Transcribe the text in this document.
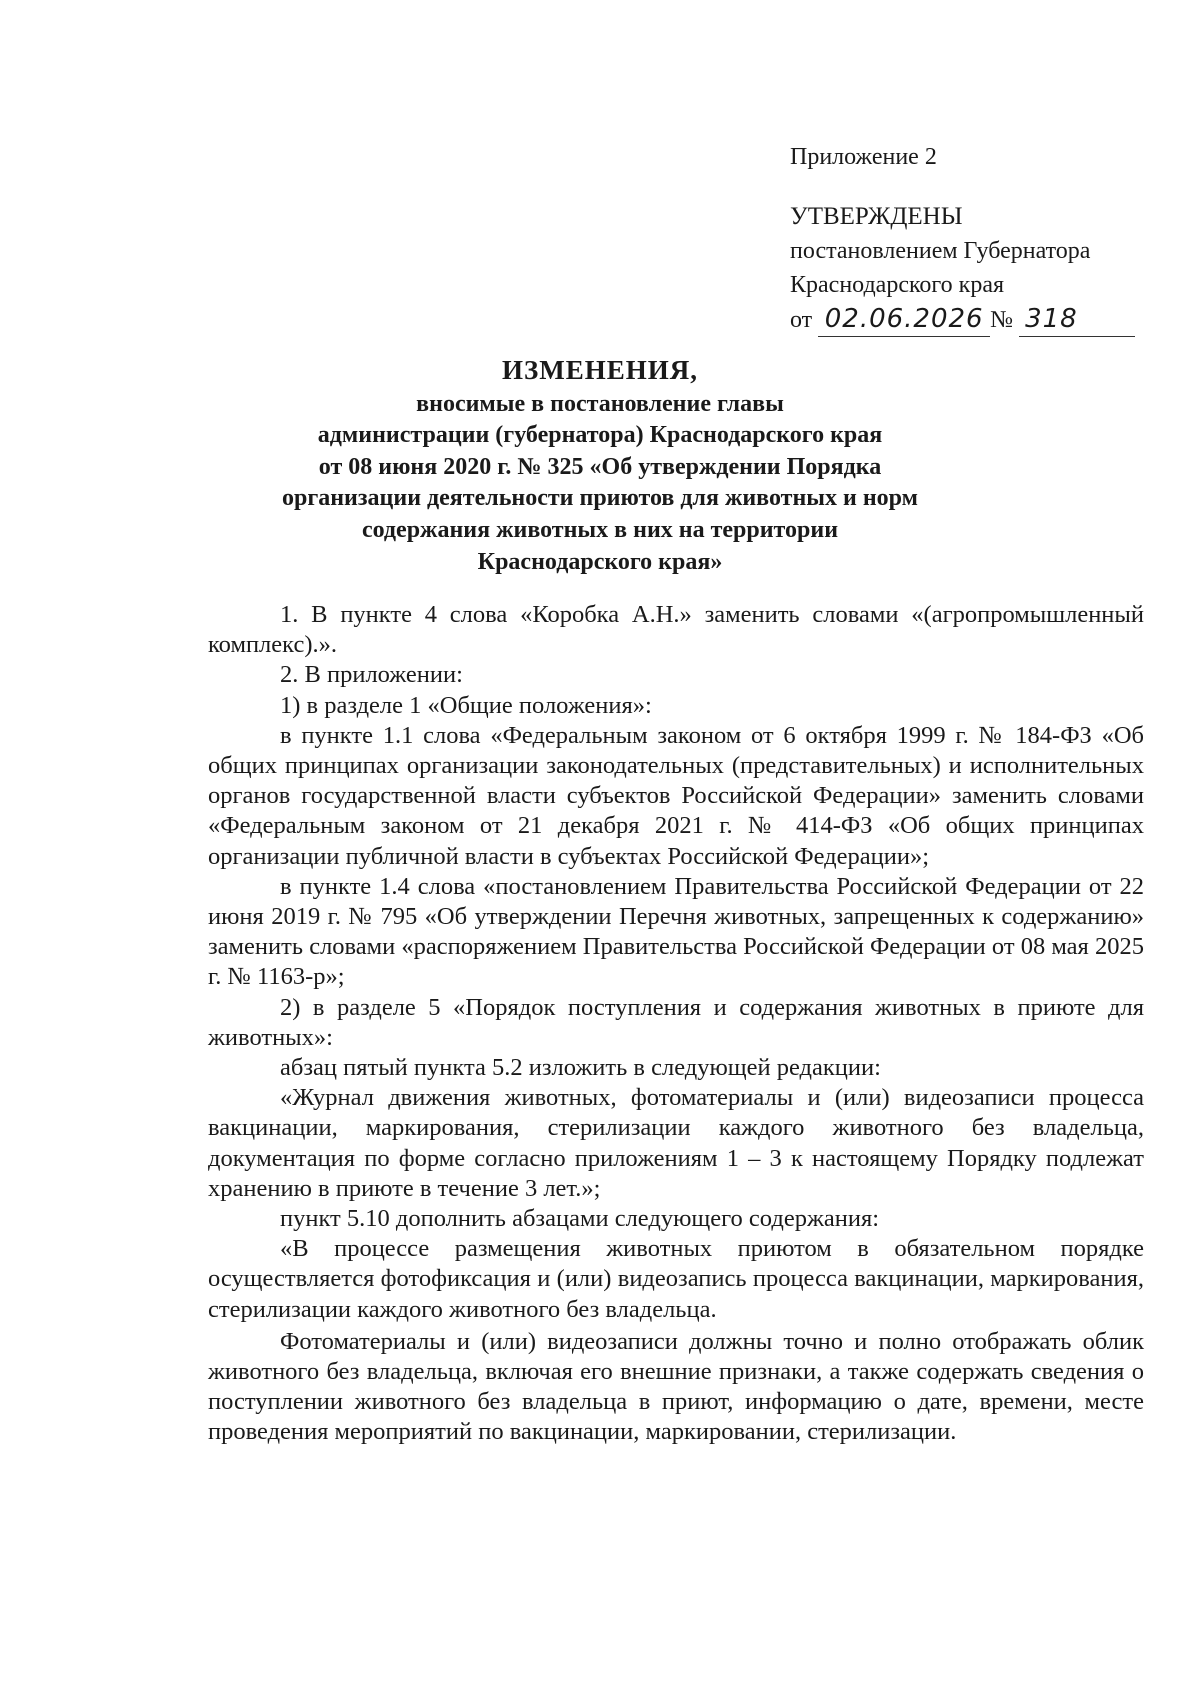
Приложение 2
УТВЕРЖДЕНЫ
постановлением Губернатора
Краснодарского края
от 02.06.2026 № 318
ИЗМЕНЕНИЯ,
вносимые в постановление главы
администрации (губернатора) Краснодарского края
от 08 июня 2020 г. № 325 «Об утверждении Порядка
организации деятельности приютов для животных и норм
содержания животных в них на территории
Краснодарского края»

1. В пункте 4 слова «Коробка А.Н.» заменить словами «(агропромышленный комплекс).».

2. В приложении:

1) в разделе 1 «Общие положения»:

в пункте 1.1 слова «Федеральным законом от 6 октября 1999 г. № 184-ФЗ «Об общих принципах организации законодательных (представительных) и исполнительных органов государственной власти субъектов Российской Федерации» заменить словами «Федеральным законом от 21 декабря 2021 г. № 414-ФЗ «Об общих принципах организации публичной власти в субъектах Российской Федерации»;

в пункте 1.4 слова «постановлением Правительства Российской Федерации от 22 июня 2019 г. № 795 «Об утверждении Перечня животных, запрещенных к содержанию» заменить словами «распоряжением Правительства Российской Федерации от 08 мая 2025 г. № 1163-р»;

2) в разделе 5 «Порядок поступления и содержания животных в приюте для животных»:

абзац пятый пункта 5.2 изложить в следующей редакции:

«Журнал движения животных, фотоматериалы и (или) видеозаписи процесса вакцинации, маркирования, стерилизации каждого животного без владельца, документация по форме согласно приложениям 1 – 3 к настоящему Порядку подлежат хранению в приюте в течение 3 лет.»;

пункт 5.10 дополнить абзацами следующего содержания:

«В процессе размещения животных приютом в обязательном порядке осуществляется фотофиксация и (или) видеозапись процесса вакцинации, маркирования, стерилизации каждого животного без владельца.

Фотоматериалы и (или) видеозаписи должны точно и полно отображать облик животного без владельца, включая его внешние признаки, а также содержать сведения о поступлении животного без владельца в приют, информацию о дате, времени, месте проведения мероприятий по вакцинации, маркировании, стерилизации.
